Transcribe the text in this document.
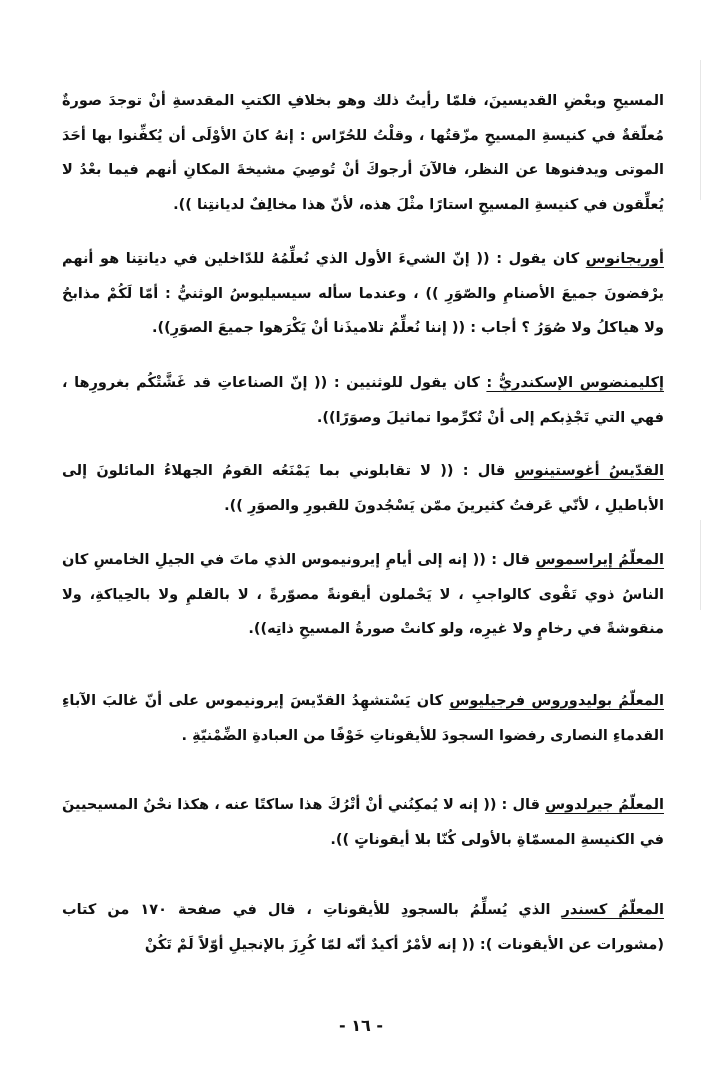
المسيحِ وبعْضِ القديسينَ، فلمّا رأيتُ ذلك وهو بخلافِ الكتبِ المقدسةِ أنْ توجدَ صورةٌ مُعلّقةٌ في كنيسةِ المسيحِ مزّقتُها ، وقلْتُ للحُرّاس : إنهُ كانَ الأوْلَى أن يُكفِّنوا بها أحَدَ الموتى ويدفنوها عن النظر، فالآنَ أرجوكَ أنْ تُوصِيَ مشيخةَ المكانِ أنهم فيما بعْدُ لا يُعلِّقون في كنيسةِ المسيحِ استارًا مثْلَ هذه، لأنّ هذا مخالِفٌ لديانتِنا )).

أوريجانوس كان يقول : (( إنّ الشيءَ الأول الذي نُعلِّمُهُ للدّاخلين في ديانتِنا هو أنهم يرْفضونَ جميعَ الأصنامِ والصّوَرِ )) ، وعندما سأله سيسيليوسُ الوثنيُّ : أمّا لَكُمْ مذابحُ ولا هياكلُ ولا صُوَرُ ؟ أجاب : (( إننا نُعلِّمُ تلاميذَنا أنْ يَكْرَهوا جميعَ الصوَرِ)).

إكليمنضوس الإسكندريُّ : كان يقول للوثنيين : (( إنّ الصناعاتِ قد غَشَّتْكُم بغرورِها ، فهي التي تَجْذِبكم إلى أنْ تُكرِّموا تماثيلَ وصوَرًا)).

القدّيسُ أغوستينوس قال : (( لا تقابلوني بما يَمْنَعُه القومُ الجهلاءُ المائلونَ إلى الأباطيلِ ، لأنّي عَرفتُ كثيرينَ ممّن يَسْجُدونَ للقبورِ والصوَرِ )).

المعلّمُ إيراسموس قال : (( إنه إلى أيامِ إيرونيموس الذي ماتَ في الجيلِ الخامسِ كان الناسُ ذوي تَقْوى كالواجبِ ، لا يَحْملون أيقونةً مصوّرةً ، لا بالقلمِ ولا بالحِياكةِ، ولا منقوشةً في رخامٍ ولا غيرِه، ولو كانتْ صورةُ المسيحِ ذاتِه)).

المعلّمُ بوليدوروس فرجيليوس كان يَسْتشهِدُ القدّيسَ إيرونيموس على أنّ غالبَ الآباءِ القدماءِ النصارى رفضوا السجودَ للأيقوناتِ خَوْفًا من العبادةِ الضِّمْنيّةِ .

المعلّمُ جيرلدوس قال : (( إنه لا يُمكِنُني أنْ أتْرُكَ هذا ساكتًا عنه ، هكذا نحْنُ المسيحيينَ في الكنيسةِ المسمّاةِ بالأولى كُنّا بلا أيقوناتٍ )).

المعلّمُ كسندر الذي يُسلِّمُ بالسجودِ للأيقوناتِ ، قال في صفحة ١٧٠ من كتاب (مشورات عن الأيقونات ): (( إنه لأمْرٌ أكيدٌ أنّه لمّا كُرِزَ بالإنجيلِ أوّلاً لَمْ تَكُنْ

- ١٦ -
